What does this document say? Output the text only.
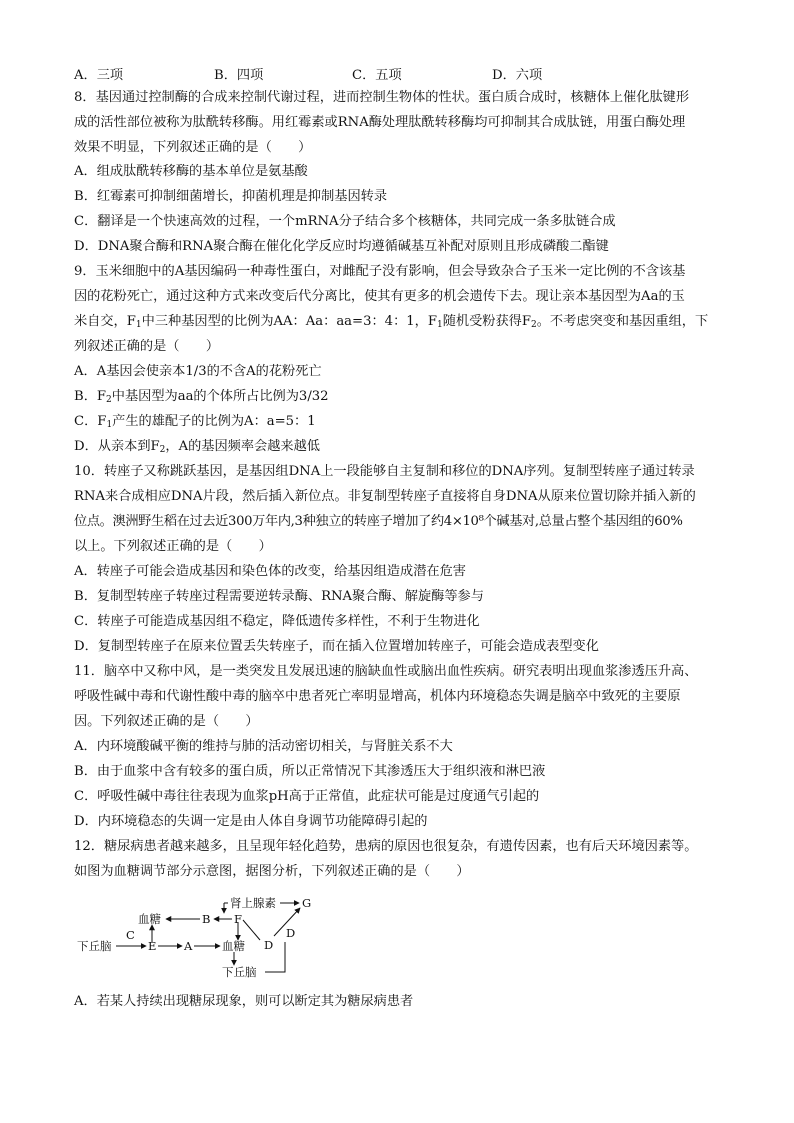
A．三项	B．四项	C．五项	D．六项
8．基因通过控制酶的合成来控制代谢过程，进而控制生物体的性状。蛋白质合成时，核糖体上催化肽键形
成的活性部位被称为肽酰转移酶。用红霉素或RNA酶处理肽酰转移酶均可抑制其合成肽链，用蛋白酶处理
效果不明显，下列叙述正确的是（　　）
A．组成肽酰转移酶的基本单位是氨基酸
B．红霉素可抑制细菌增长，抑菌机理是抑制基因转录
C．翻译是一个快速高效的过程，一个mRNA分子结合多个核糖体，共同完成一条多肽链合成
D．DNA聚合酶和RNA聚合酶在催化化学反应时均遵循碱基互补配对原则且形成磷酸二酯键
9．玉米细胞中的A基因编码一种毒性蛋白，对雌配子没有影响，但会导致杂合子玉米一定比例的不含该基
因的花粉死亡，通过这种方式来改变后代分离比，使其有更多的机会遗传下去。现让亲本基因型为Aa的玉
米自交，$F_1$中三种基因型的比例为AA：Aa：aa=3：4：1，$F_1$随机受粉获得$F_2$。不考虑突变和基因重组，下
列叙述正确的是（　　）
A．A基因会使亲本1/3的不含A的花粉死亡
B．$F_2$中基因型为aa的个体所占比例为3/32
C．$F_1$产生的雄配子的比例为A：a=5：1
D．从亲本到$F_2$，A的基因频率会越来越低
10．转座子又称跳跃基因，是基因组DNA上一段能够自主复制和移位的DNA序列。复制型转座子通过转录
RNA来合成相应DNA片段，然后插入新位点。非复制型转座子直接将自身DNA从原来位置切除并插入新的
位点。澳洲野生稻在过去近300万年内,3种独立的转座子增加了约4×10⁸个碱基对,总量占整个基因组的60%
以上。下列叙述正确的是（　　）
A．转座子可能会造成基因和染色体的改变，给基因组造成潜在危害
B．复制型转座子转座过程需要逆转录酶、RNA聚合酶、解旋酶等参与
C．转座子可能造成基因组不稳定，降低遗传多样性，不利于生物进化
D．复制型转座子在原来位置丢失转座子，而在插入位置增加转座子，可能会造成表型变化
11．脑卒中又称中风，是一类突发且发展迅速的脑缺血性或脑出血性疾病。研究表明出现血浆渗透压升高、
呼吸性碱中毒和代谢性酸中毒的脑卒中患者死亡率明显增高，机体内环境稳态失调是脑卒中致死的主要原
因。下列叙述正确的是（　　）
A．内环境酸碱平衡的维持与肺的活动密切相关，与肾脏关系不大
B．由于血浆中含有较多的蛋白质，所以正常情况下其渗透压大于组织液和淋巴液
C．呼吸性碱中毒往往表现为血浆pH高于正常值，此症状可能是过度通气引起的
D．内环境稳态的失调一定是由人体自身调节功能障碍引起的
12．糖尿病患者越来越多，且呈现年轻化趋势，患病的原因也很复杂，有遗传因素，也有后天环境因素等。
如图为血糖调节部分示意图，据图分析，下列叙述正确的是（　　）
肾上腺素 G
血糖	B F
D
D
C
下丘脑	E A	血糖
下丘脑
A．若某人持续出现糖尿现象，则可以断定其为糖尿病患者
